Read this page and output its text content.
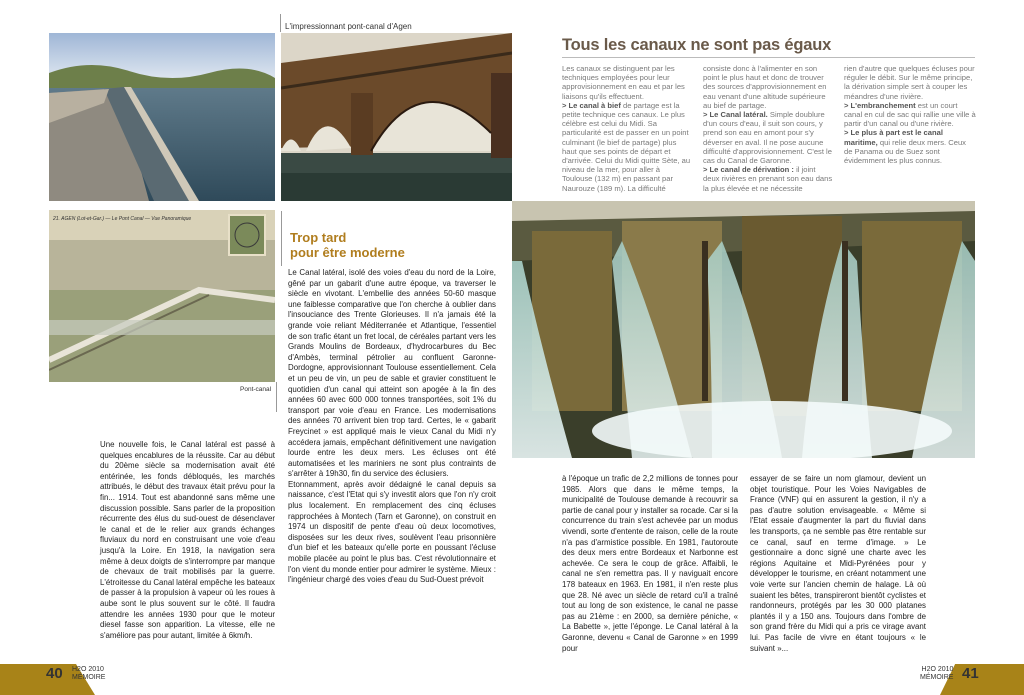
L'impressionnant pont-canal d'Agen
Tous les canaux ne sont pas égaux

Les canaux se distinguent par les techniques employées pour leur approvisionnement en eau et par les liaisons qu'ils effectuent.

> Le canal à bief de partage est la petite technique ces canaux. Le plus célèbre est celui du Midi. Sa particularité est de passer en un point culminant (le bief de partage) plus haut que ses points de départ et d'arrivée. Celui du Midi quitte Sète, au niveau de la mer, pour aller à Toulouse (132 m) en passant par Naurouze (189 m). La difficulté

consiste donc à l'alimenter en son point le plus haut et donc de trouver des sources d'approvisionnement en eau venant d'une altitude supérieure au bief de partage.

> Le Canal latéral. Simple doublure d'un cours d'eau, il suit son cours, y prend son eau en amont pour s'y déverser en aval. Il ne pose aucune difficulté d'approvisionnement. C'est le cas du Canal de Garonne.

> Le canal de dérivation : il joint deux rivières en prenant son eau dans la plus élevée et ne nécessite

rien d'autre que quelques écluses pour réguler le débit. Sur le même principe, la dérivation simple sert à couper les méandres d'une rivière.

> L'embranchement est un court canal en cul de sac qui rallie une ville à partir d'un canal ou d'une rivière.

> Le plus à part est le canal maritime, qui relie deux mers. Ceux de Panama ou de Suez sont évidemment les plus connus.

21. AGEN (Lot-et-Gar.) — Le Pont Canal — Vue Panoramique
Pont-canal
Trop tard
pour être moderne

Le Canal latéral, isolé des voies d'eau du nord de la Loire, gêné par un gabarit d'une autre époque, va traverser le siècle en vivotant. L'embellie des années 50-60 masque une faiblesse comparative que l'on cherche à oublier dans l'insouciance des Trente Glorieuses. Il n'a jamais été la grande voie reliant Méditerranée et Atlantique, l'essentiel de son trafic étant un fret local, de céréales partant vers les Grands Moulins de Bordeaux, d'hydrocarbures du Bec d'Ambès, terminal pétrolier au confluent Garonne-Dordogne, approvisionnant Toulouse essentiellement. Cela et un peu de vin, un peu de sable et gravier constituent le quotidien d'un canal qui atteint son apogée à la fin des années 60 avec 600 000 tonnes transportées, soit 1% du transport par voie d'eau en France. Les modernisations des années 70 arrivent bien trop tard. Certes, le « gabarit Freycinet » est appliqué mais le vieux Canal du Midi n'y accédera jamais, empêchant définitivement une navigation lourde entre les deux mers. Les écluses ont été automatisées et les mariniers ne sont plus contraints de s'arrêter à 19h30, fin du service des éclusiers.

Etonnamment, après avoir dédaigné le canal depuis sa naissance, c'est l'Etat qui s'y investit alors que l'on n'y croit plus localement. En remplacement des cinq écluses rapprochées à Montech (Tarn et Garonne), on construit en 1974 un dispositif de pente d'eau où deux locomotives, disposées sur les deux rives, soulèvent l'eau prisonnière d'un bief et les bateaux qu'elle porte en poussant l'écluse mobile placée au point le plus bas. C'est révolutionnaire et l'on vient du monde entier pour admirer le système. Mieux : l'ingénieur chargé des voies d'eau du Sud-Ouest prévoit

Une nouvelle fois, le Canal latéral est passé à quelques encablures de la réussite. Car au début du 20ème siècle sa modernisation avait été entérinée, les fonds débloqués, les marchés attribués, le début des travaux était prévu pour la fin... 1914. Tout est abandonné sans même une discussion possible. Sans parler de la proposition récurrente des élus du sud-ouest de désenclaver le canal et de le relier aux grands échanges fluviaux du nord en construisant une voie d'eau jusqu'à la Loire. En 1918, la navigation sera même à deux doigts de s'interrompre par manque de chevaux de trait mobilisés par la guerre. L'étroitesse du Canal latéral empêche les bateaux de passer à la propulsion à vapeur où les roues à aube sont le plus souvent sur le côté. Il faudra attendre les années 1930 pour que le moteur diesel fasse son apparition. La vitesse, elle ne s'améliore pas pour autant, limitée à 6km/h.

à l'époque un trafic de 2,2 millions de tonnes pour 1985. Alors que dans le même temps, la municipalité de Toulouse demande à recouvrir sa partie de canal pour y installer sa rocade. Car si la concurrence du train s'est achevée par un modus vivendi, sorte d'entente de raison, celle de la route n'a pas d'armistice possible. En 1981, l'autoroute des deux mers entre Bordeaux et Narbonne est achevée. Ce sera le coup de grâce. Affaibli, le canal ne s'en remettra pas. Il y naviguait encore 178 bateaux en 1963. En 1981, il n'en reste plus que 28. Né avec un siècle de retard cu'il a traîné tout au long de son existence, le canal ne passe pas au 21ème : en 2000, sa dernière péniche, « La Babette », jette l'éponge. Le Canal latéral à la Garonne, devenu « Canal de Garonne » en 1999 pour

essayer de se faire un nom glamour, devient un objet touristique. Pour les Voies Navigables de France (VNF) qui en assurent la gestion, il n'y a pas d'autre solution envisageable. « Même si l'Etat essaie d'augmenter la part du fluvial dans les transports, ça ne semble pas être rentable sur ce canal, sauf en terme d'image. » Le gestionnaire a donc signé une charte avec les régions Aquitaine et Midi-Pyrénées pour y développer le tourisme, en créant notamment une voie verte sur l'ancien chemin de halage. Là où suaient les bêtes, transpireront bientôt cyclistes et randonneurs, protégés par les 30 000 platanes plantés il y a 150 ans. Toujours dans l'ombre de son grand frère du Midi qui a pris ce virage avant lui. Pas facile de vivre en étant toujours « le suivant »...

40 H2O 2010
MÉMOIRE
H2O 2010
MÉMOIRE 41
